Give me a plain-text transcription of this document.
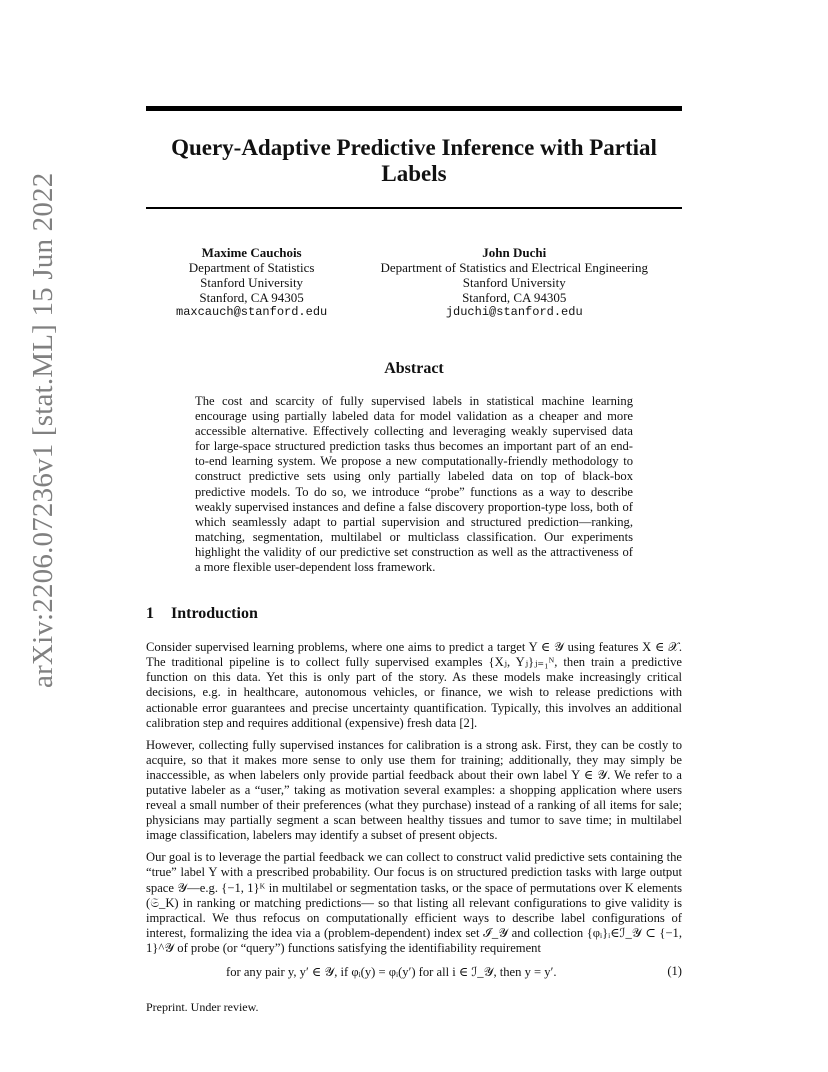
arXiv:2206.07236v1 [stat.ML] 15 Jun 2022
Query-Adaptive Predictive Inference with Partial Labels
Maxime Cauchois
Department of Statistics
Stanford University
Stanford, CA 94305
maxcauch@stanford.edu
John Duchi
Department of Statistics and Electrical Engineering
Stanford University
Stanford, CA 94305
jduchi@stanford.edu
Abstract

The cost and scarcity of fully supervised labels in statistical machine learning encourage using partially labeled data for model validation as a cheaper and more accessible alternative. Effectively collecting and leveraging weakly supervised data for large-space structured prediction tasks thus becomes an important part of an end-to-end learning system. We propose a new computationally-friendly methodology to construct predictive sets using only partially labeled data on top of black-box predictive models. To do so, we introduce “probe” functions as a way to describe weakly supervised instances and define a false discovery proportion-type loss, both of which seamlessly adapt to partial supervision and structured prediction—ranking, matching, segmentation, multilabel or multiclass classification. Our experiments highlight the validity of our predictive set construction as well as the attractiveness of a more flexible user-dependent loss framework.

1 Introduction

Consider supervised learning problems, where one aims to predict a target Y ∈ 𝒴 using features X ∈ 𝒳. The traditional pipeline is to collect fully supervised examples {Xⱼ, Yⱼ}ⱼ₌₁ᴺ, then train a predictive function on this data. Yet this is only part of the story. As these models make increasingly critical decisions, e.g. in healthcare, autonomous vehicles, or finance, we wish to release predictions with actionable error guarantees and precise uncertainty quantification. Typically, this involves an additional calibration step and requires additional (expensive) fresh data [2].

However, collecting fully supervised instances for calibration is a strong ask. First, they can be costly to acquire, so that it makes more sense to only use them for training; additionally, they may simply be inaccessible, as when labelers only provide partial feedback about their own label Y ∈ 𝒴. We refer to a putative labeler as a “user,” taking as motivation several examples: a shopping application where users reveal a small number of their preferences (what they purchase) instead of a ranking of all items for sale; physicians may partially segment a scan between healthy tissues and tumor to save time; in multilabel image classification, labelers may identify a subset of present objects.

Our goal is to leverage the partial feedback we can collect to construct valid predictive sets containing the “true” label Y with a prescribed probability. Our focus is on structured prediction tasks with large output space 𝒴—e.g. {−1, 1}ᴷ in multilabel or segmentation tasks, or the space of permutations over K elements (𝔖_K) in ranking or matching predictions— so that listing all relevant configurations to give validity is impractical. We thus refocus on computationally efficient ways to describe label configurations of interest, formalizing the idea via a (problem-dependent) index set ℐ_𝒴 and collection {φᵢ}ᵢ∈ℐ_𝒴 ⊂ {−1, 1}^𝒴 of probe (or “query”) functions satisfying the identifiability requirement

for any pair y, y′ ∈ 𝒴, if φᵢ(y) = φᵢ(y′) for all i ∈ ℐ_𝒴, then y = y′.	(1)
Preprint. Under review.
